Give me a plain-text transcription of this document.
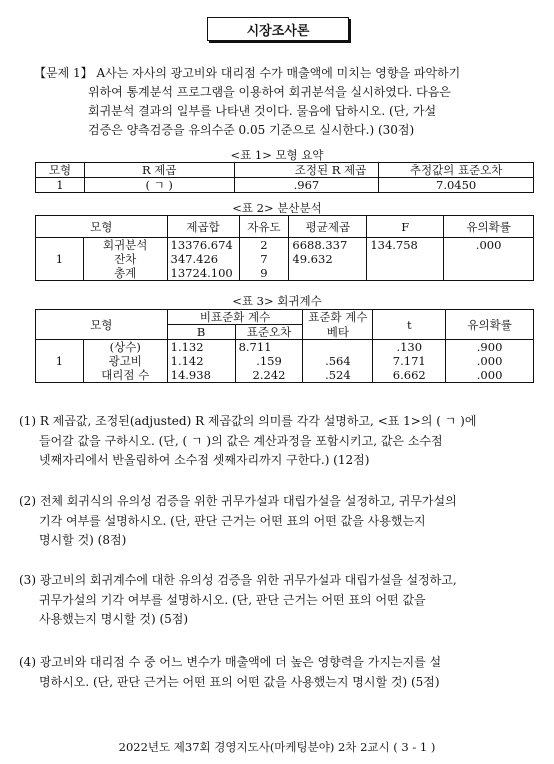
시장조사론

【문제 1】 A사는 자사의 광고비와 대리점 수가 매출액에 미치는 영향을 파악하기

위하여 통계분석 프로그램을 이용하여 회귀분석을 실시하였다. 다음은

회귀분석 결과의 일부를 나타낸 것이다. 물음에 답하시오. (단, 가설

검증은 양측검증을 유의수준 0.05 기준으로 실시한다.) (30점)

<표 1> 모형 요약
모형	R 제곱	조정된 R 제곱	추정값의 표준오차
1	( ㄱ )	.967	7.0450
<표 2> 분산분석
모형		제곱합	자유도	평균제곱	F	유의확률
1	회귀분석	13376.674	2	6688.337	134.758	.000
	잔차	347.426	7	49.632		
	총계	13724.100	9			
<표 3> 회귀계수
모형		비표준화 계수		표준화 계수	t	유의확률
		B	표준오차	베타		
1	(상수)	1.132	8.711		.130	.900
	광고비	1.142	.159	.564	7.171	.000
	대리점 수	14.938	2.242	.524	6.662	.000

(1) R 제곱값, 조정된(adjusted) R 제곱값의 의미를 각각 설명하고, <표 1>의 ( ㄱ )에

들어갈 값을 구하시오. (단, ( ㄱ )의 값은 계산과정을 포함시키고, 값은 소수점

넷째자리에서 반올림하여 소수점 셋째자리까지 구한다.) (12점)

(2) 전체 회귀식의 유의성 검증을 위한 귀무가설과 대립가설을 설정하고, 귀무가설의

기각 여부를 설명하시오. (단, 판단 근거는 어떤 표의 어떤 값을 사용했는지

명시할 것) (8점)

(3) 광고비의 회귀계수에 대한 유의성 검증을 위한 귀무가설과 대립가설을 설정하고,

귀무가설의 기각 여부를 설명하시오. (단, 판단 근거는 어떤 표의 어떤 값을

사용했는지 명시할 것) (5점)

(4) 광고비와 대리점 수 중 어느 변수가 매출액에 더 높은 영향력을 가지는지를 설

명하시오. (단, 판단 근거는 어떤 표의 어떤 값을 사용했는지 명시할 것) (5점)

2022년도 제37회 경영지도사(마케팅분야) 2차 2교시 ( 3 - 1 )
